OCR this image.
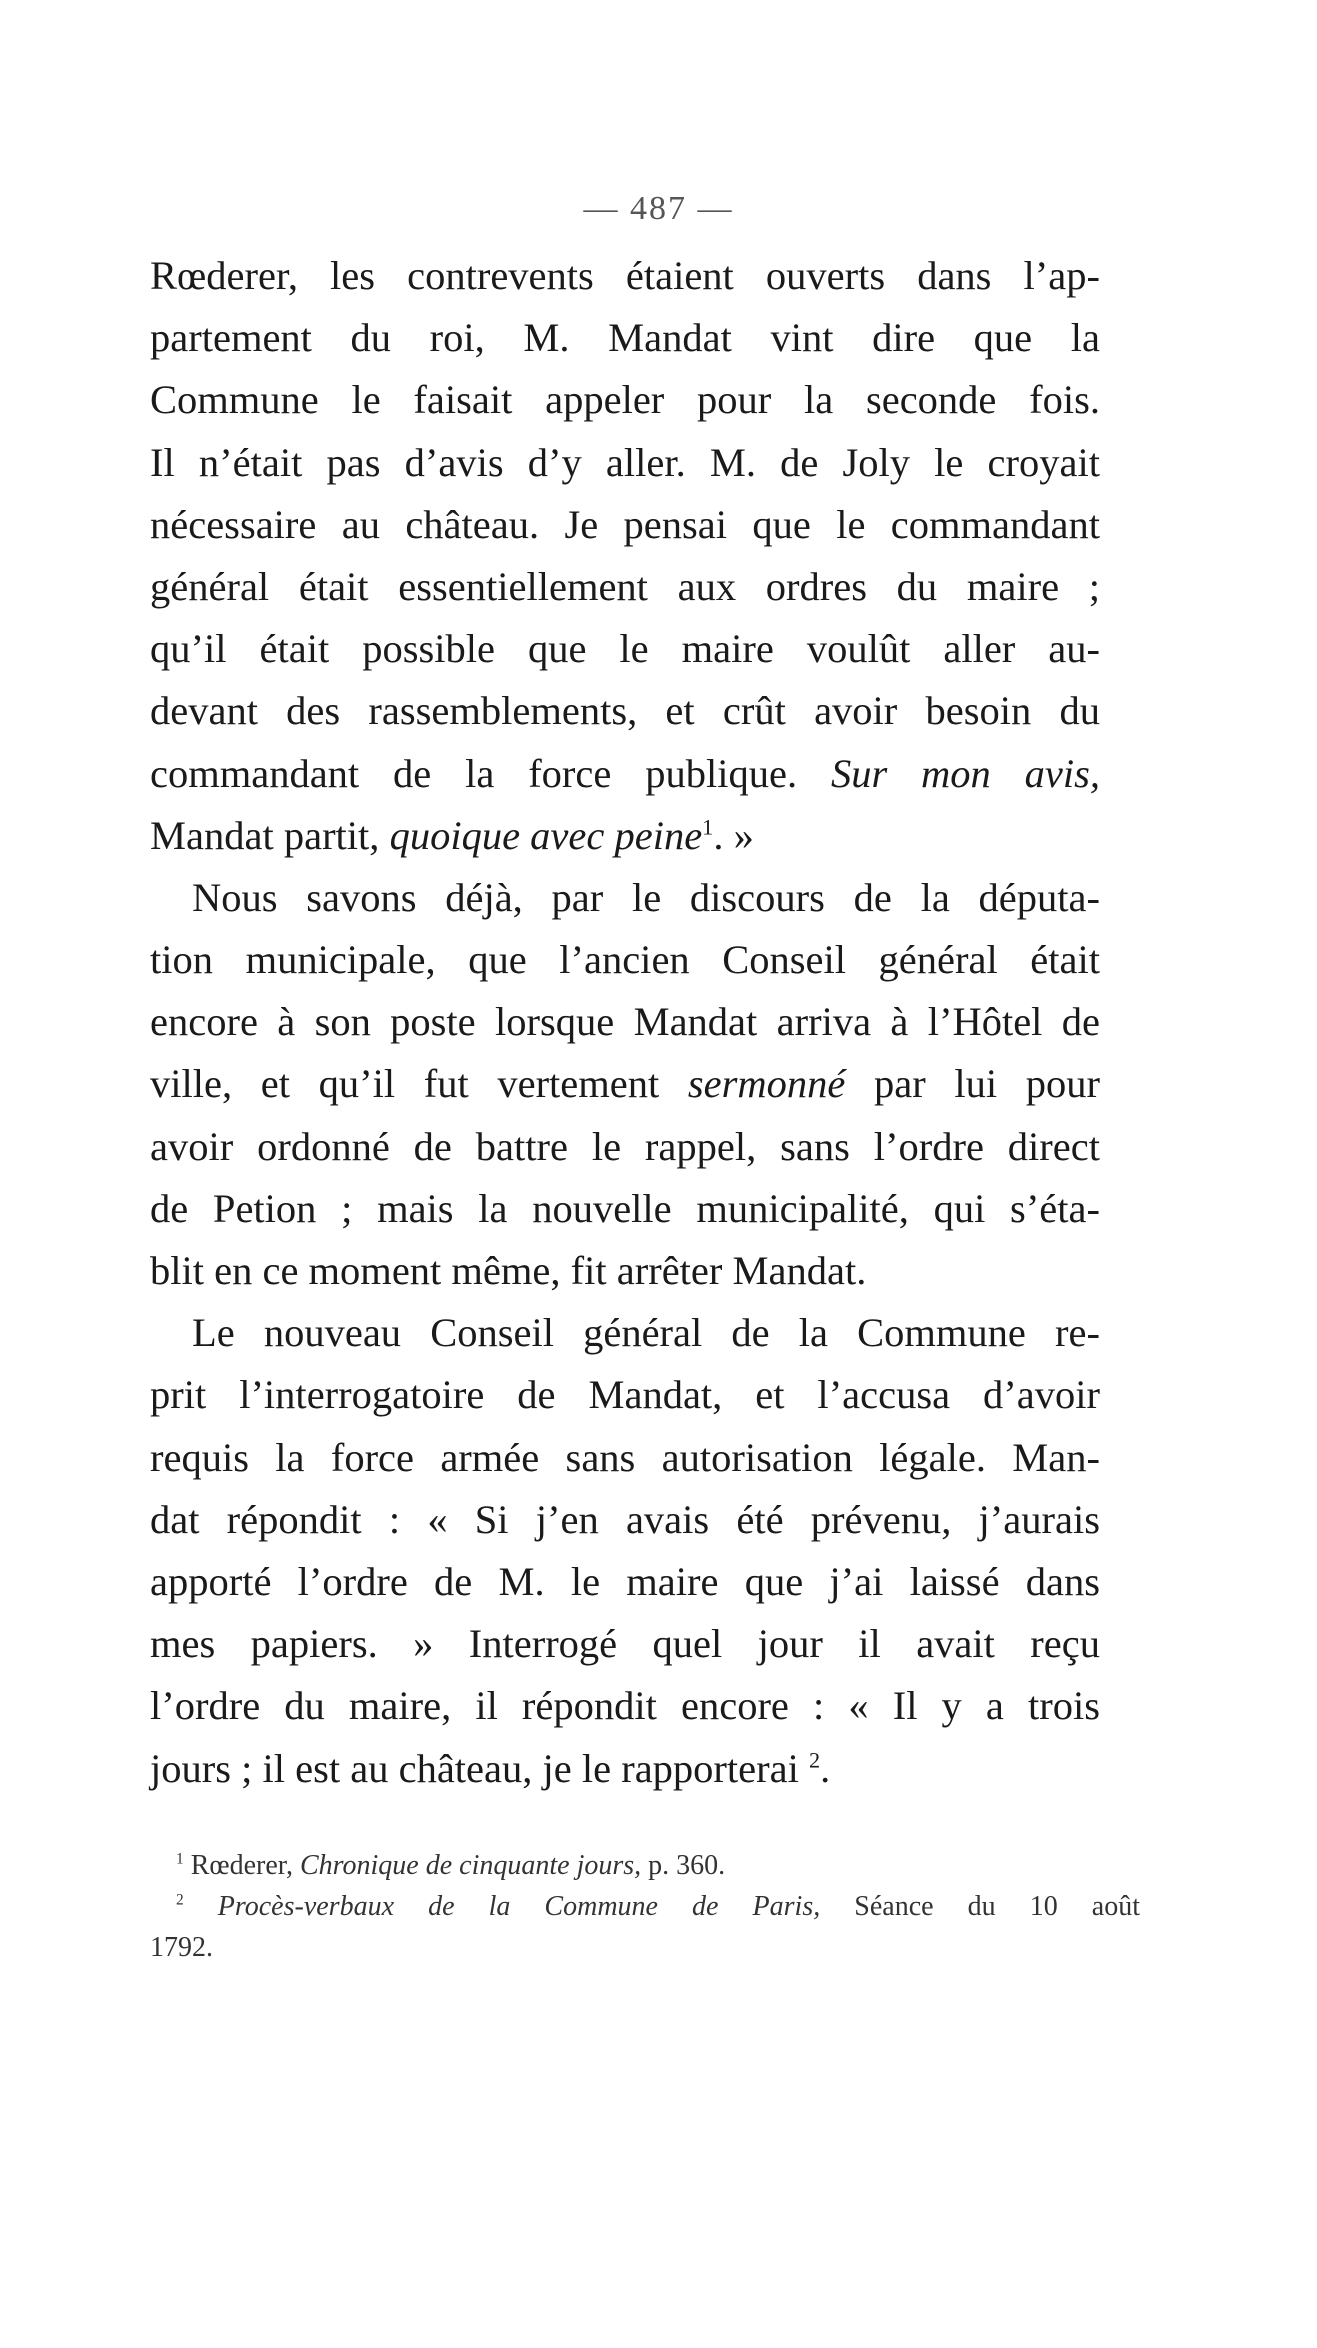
— 487 —
Rœderer, les contrevents étaient ouverts dans l’ap-
partement du roi, M. Mandat vint dire que la
Commune le faisait appeler pour la seconde fois.
Il n’était pas d’avis d’y aller. M. de Joly le croyait
nécessaire au château. Je pensai que le commandant
général était essentiellement aux ordres du maire ;
qu’il était possible que le maire voulût aller au-
devant des rassemblements, et crût avoir besoin du
commandant de la force publique. Sur mon avis,
Mandat partit, quoique avec peine$^1$. »
Nous savons déjà, par le discours de la députa-
tion municipale, que l’ancien Conseil général était
encore à son poste lorsque Mandat arriva à l’Hôtel de
ville, et qu’il fut vertement sermonné par lui pour
avoir ordonné de battre le rappel, sans l’ordre direct
de Petion ; mais la nouvelle municipalité, qui s’éta-
blit en ce moment même, fit arrêter Mandat.
Le nouveau Conseil général de la Commune re-
prit l’interrogatoire de Mandat, et l’accusa d’avoir
requis la force armée sans autorisation légale. Man-
dat répondit : « Si j’en avais été prévenu, j’aurais
apporté l’ordre de M. le maire que j’ai laissé dans
mes papiers. » Interrogé quel jour il avait reçu
l’ordre du maire, il répondit encore : « Il y a trois
jours ; il est au château, je le rapporterai $^2$.
$^1$ Rœderer, Chronique de cinquante jours, p. 360.
$^2$ Procès-verbaux de la Commune de Paris, Séance du 10 août
1792.
